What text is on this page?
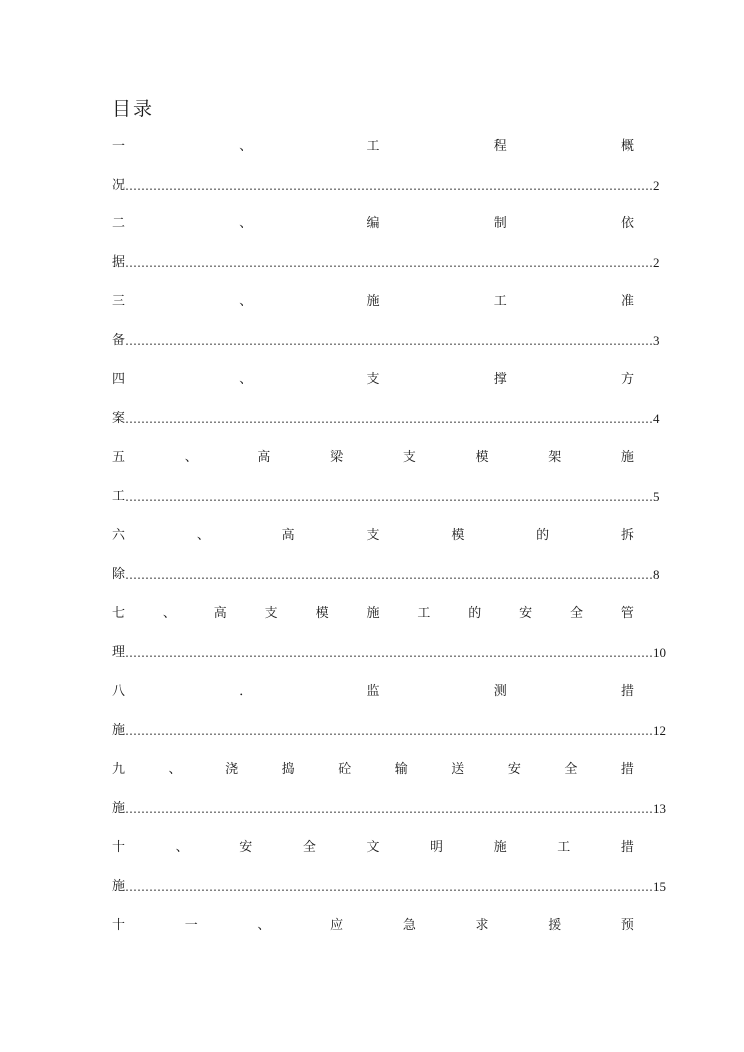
目录
一	、	工	程	概
况 …………………………………………………………………………………………………………………… 2
二	、	编	制	依
据 …………………………………………………………………………………………………………………… 2
三	、	施	工	准
备 …………………………………………………………………………………………………………………… 3
四	、	支	撑	方
案 …………………………………………………………………………………………………………………… 4
五	、	高	梁	支	模	架	施
工 …………………………………………………………………………………………………………………… 5
六	、	高	支	模	的	拆
除 …………………………………………………………………………………………………………………… 8
七	、	高	支	模	施	工	的	安	全	管
理 …………………………………………………………………………………………………………………… 10
八	．	监	测	措
施 …………………………………………………………………………………………………………………… 12
九	、	浇	捣	砼	输	送	安	全	措
施 …………………………………………………………………………………………………………………… 13
十	、	安	全	文	明	施	工	措
施 …………………………………………………………………………………………………………………… 15
十	一	、	应	急	求	援	预
